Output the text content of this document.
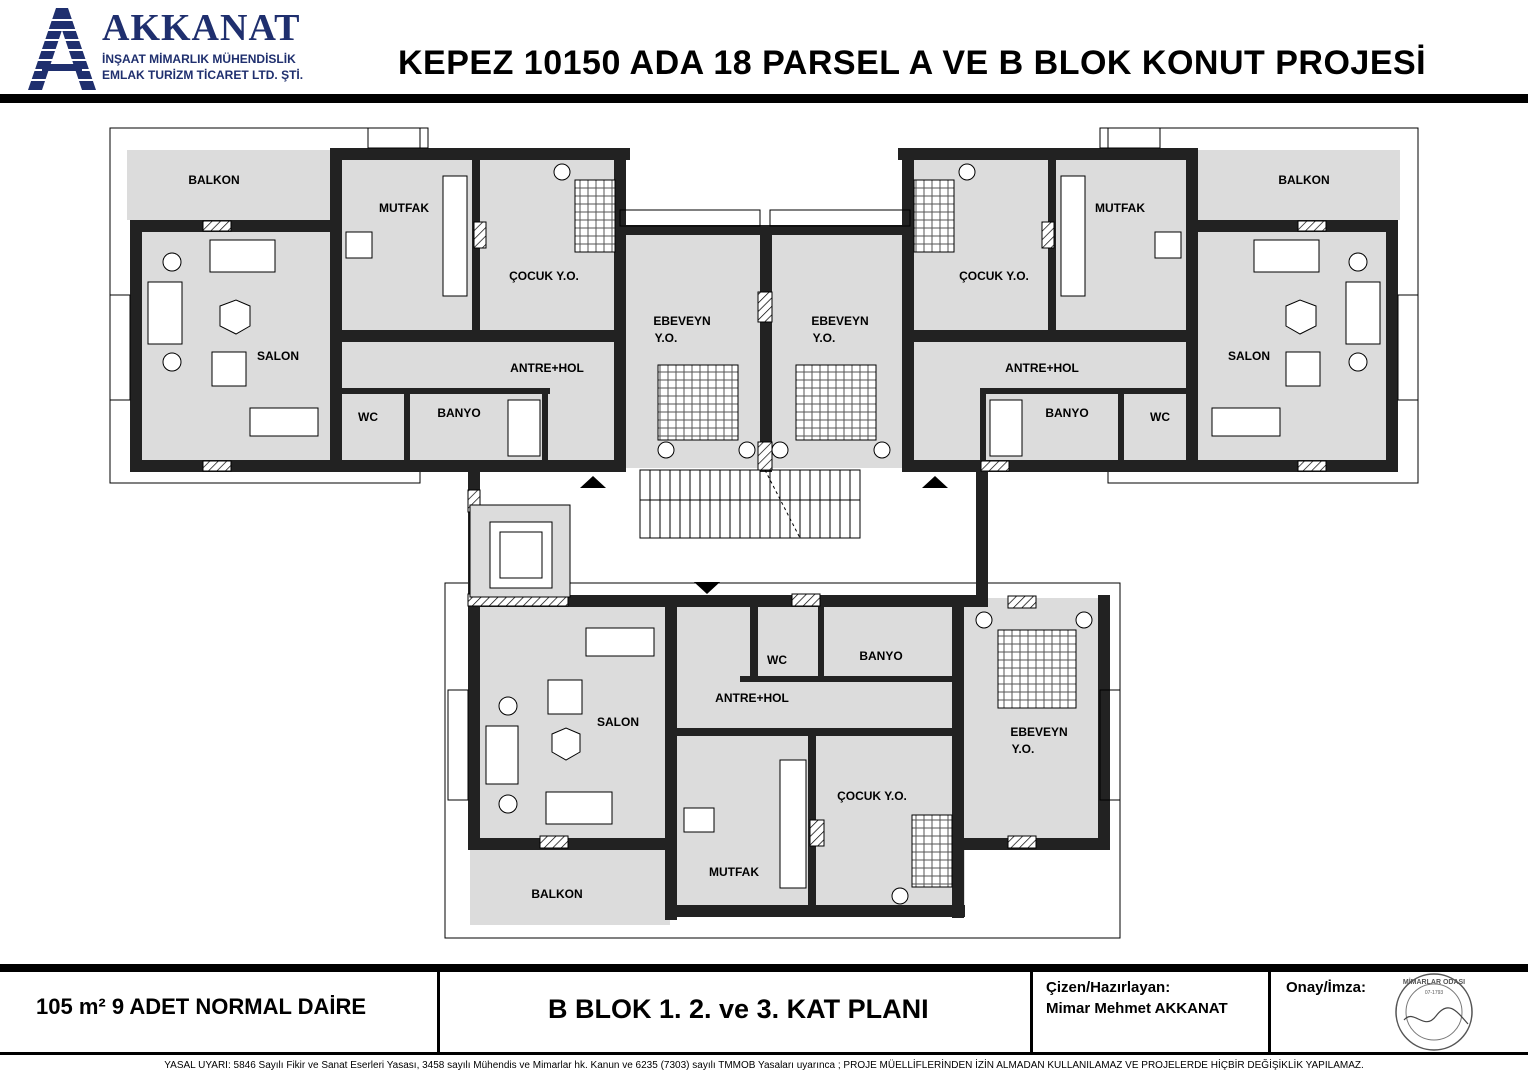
AKKANAT
İNŞAAT MİMARLIK MÜHENDİSLİK
EMLAK TURİZM TİCARET LTD. ŞTİ.	KEPEZ 10150 ADA 18 PARSEL A VE B BLOK KONUT PROJESİ
BALKON	BALKON
BALKON
MUTFAK	MUTFAK
MUTFAK
ÇOCUK Y.O.	ÇOCUK Y.O.
ÇOCUK Y.O.
EBEVEYN
Y.O.
EBEVEYN
Y.O.
EBEVEYN
Y.O.
SALON	SALON
SALON
ANTRE+HOL	ANTRE+HOL
ANTRE+HOL
WC	WC
WC
BANYO	BANYO
BANYO
105 m² 9 ADET NORMAL DAİRE	B BLOK 1. 2. ve 3. KAT PLANI
Çizen/Hazırlayan:
Mimar Mehmet AKKANAT
Onay/İmza:	MİMARLAR ODASI
07-1793
YASAL UYARI: 5846 Sayılı Fikir ve Sanat Eserleri Yasası, 3458 sayılı Mühendis ve Mimarlar hk. Kanun ve 6235 (7303) sayılı TMMOB Yasaları uyarınca ; PROJE MÜELLİFLERİNDEN İZİN ALMADAN KULLANILAMAZ VE PROJELERDE HİÇBİR DEĞİŞİKLİK YAPILAMAZ.
